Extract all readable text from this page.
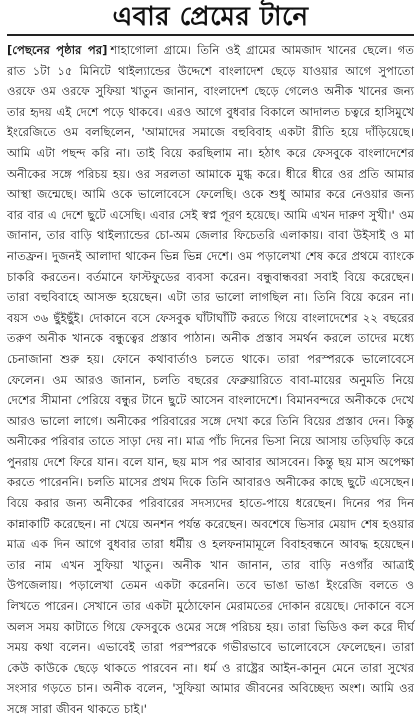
এবার প্রেমের টানে

[পেছনের পৃষ্ঠার পর] শাহাগোলা গ্রামে। তিনি ওই গ্রামের আমজাদ খানের ছেলে। গত রাত ১টা ১৫ মিনিটে থাইল্যান্ডের উদ্দেশে বাংলাদেশ ছেড়ে যাওয়ার আগে সুপাতো ওরফে ওম ওরফে সুফিয়া খাতুন জানান, বাংলাদেশ ছেড়ে গেলেও অনীক খানের জন্য তার হৃদয় এই দেশে পড়ে থাকবে। এরও আগে বুধবার বিকালে আদালত চত্বরে হাসিমুখে ইংরেজিতে ওম বলছিলেন, 'আমাদের সমাজে বহুবিবাহ একটা রীতি হয়ে দাঁড়িয়েছে। আমি এটা পছন্দ করি না। তাই বিয়ে করছিলাম না। হঠাৎ করে ফেসবুকে বাংলাদেশের অনীকের সঙ্গে পরিচয় হয়। ওর সরলতা আমাকে মুগ্ধ করে। ধীরে ধীরে ওর প্রতি আমার আস্থা জন্মেছে। আমি ওকে ভালোবেসে ফেলেছি। ওকে শুধু আমার করে নেওয়ার জন্য বার বার এ দেশে ছুটে এসেছি। এবার সেই স্বপ্ন পূরণ হয়েছে। আমি এখন দারুণ সুখী।' ওম জানান, তার বাড়ি থাইল্যান্ডের চো-অম জেলার ফিচেতরি এলাকায়। বাবা উইসাই ও মা নাতফ্রন। দুজনই আলাদা থাকেন ভিন্ন ভিন্ন দেশে। ওম পড়ালেখা শেষ করে প্রথমে ব্যাংকে চাকরি করতেন। বর্তমানে ফাস্টফুডের ব্যবসা করেন। বন্ধুবান্ধবরা সবাই বিয়ে করেছেন। তারা বহুবিবাহে আসক্ত হয়েছেন। এটা তার ভালো লাগছিল না। তিনি বিয়ে করেন না। বয়স ৩৬ ছুঁইছুঁই। দোকানে বসে ফেসবুক ঘাঁটাঘাঁটি করতে গিয়ে বাংলাদেশের ২২ বছরের তরুণ অনীক খানকে বন্ধুত্বের প্রস্তাব পাঠান। অনীক প্রস্তাব সমর্থন করলে তাদের মধ্যে চেনাজানা শুরু হয়। ফোনে কথাবার্তাও চলতে থাকে। তারা পরস্পরকে ভালোবেসে ফেলেন। ওম আরও জানান, চলতি বছরের ফেব্রুয়ারিতে বাবা-মায়ের অনুমতি নিয়ে দেশের সীমানা পেরিয়ে বন্ধুর টানে ছুটে আসেন বাংলাদেশে। বিমানবন্দরে অনীককে দেখে আরও ভালো লাগে। অনীকের পরিবারের সঙ্গে দেখা করে তিনি বিয়ের প্রস্তাব দেন। কিন্তু অনীকের পরিবার তাতে সাড়া দেয় না। মাত্র পাঁচ দিনের ভিসা নিয়ে আসায় তড়িঘড়ি করে পুনরায় দেশে ফিরে যান। বলে যান, ছয় মাস পর আবার আসবেন। কিন্তু ছয় মাস অপেক্ষা করতে পারেননি। চলতি মাসের প্রথম দিকে তিনি আবারও অনীকের কাছে ছুটে এসেছেন। বিয়ে করার জন্য অনীকের পরিবারের সদস্যদের হাতে-পায়ে ধরেছেন। দিনের পর দিন কান্নাকাটি করেছেন। না খেয়ে অনশন পর্যন্ত করেছেন। অবশেষে ভিসার মেয়াদ শেষ হওয়ার মাত্র এক দিন আগে বুধবার তারা ধর্মীয় ও হলফনামামূলে বিবাহবন্ধনে আবদ্ধ হয়েছেন। তার নাম এখন সুফিয়া খাতুন। অনীক খান জানান, তার বাড়ি নওগাঁর আত্রাই উপজেলায়। পড়ালেখা তেমন একটা করেননি। তবে ভাঙা ভাঙা ইংরেজি বলতে ও লিখতে পারেন। সেখানে তার একটা মুঠোফোন মেরামতের দোকান রয়েছে। দোকানে বসে অলস সময় কাটাতে গিয়ে ফেসবুকে ওমের সঙ্গে পরিচয় হয়। তারা ভিডিও কল করে দীর্ঘ সময় কথা বলেন। এভাবেই তারা পরস্পরকে গভীরভাবে ভালোবেসে ফেলেছেন। তারা কেউ কাউকে ছেড়ে থাকতে পারবেন না। ধর্ম ও রাষ্ট্রের আইন-কানুন মেনে তারা সুখের সংসার গড়তে চান। অনীক বলেন, 'সুফিয়া আমার জীবনের অবিচ্ছেদ্য অংশ। আমি ওর সঙ্গে সারা জীবন থাকতে চাই।'
